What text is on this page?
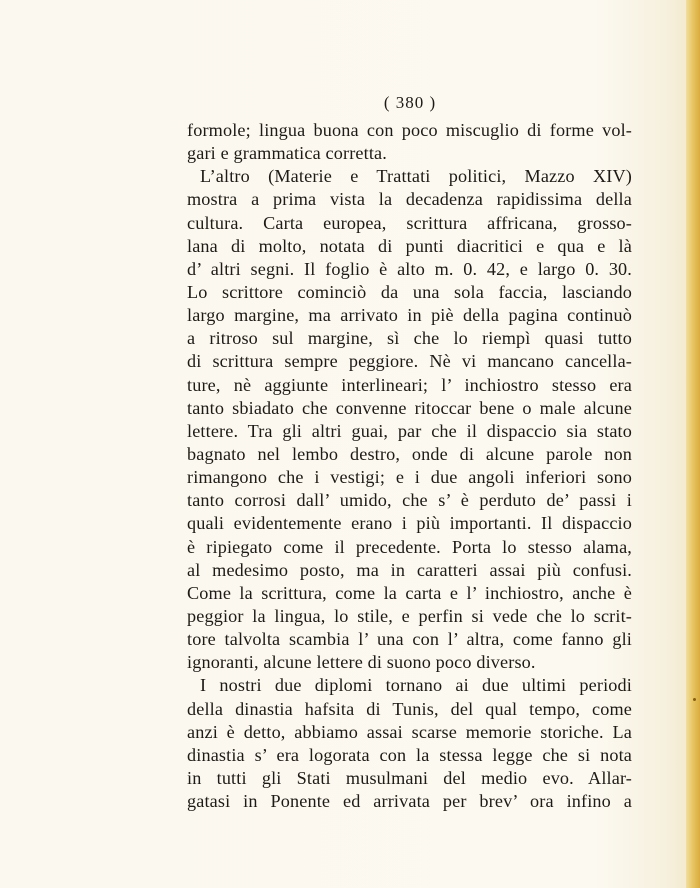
( 380 )
formole; lingua buona con poco miscuglio di forme vol-
gari e grammatica corretta.
L’altro (Materie e Trattati politici, Mazzo XIV)
mostra a prima vista la decadenza rapidissima della
cultura. Carta europea, scrittura affricana, grosso-
lana di molto, notata di punti diacritici e qua e là
d’ altri segni. Il foglio è alto m. 0. 42, e largo 0. 30.
Lo scrittore cominciò da una sola faccia, lasciando
largo margine, ma arrivato in piè della pagina continuò
a ritroso sul margine, sì che lo riempì quasi tutto
di scrittura sempre peggiore. Nè vi mancano cancella-
ture, nè aggiunte interlineari; l’ inchiostro stesso era
tanto sbiadato che convenne ritoccar bene o male alcune
lettere. Tra gli altri guai, par che il dispaccio sia stato
bagnato nel lembo destro, onde di alcune parole non
rimangono che i vestigi; e i due angoli inferiori sono
tanto corrosi dall’ umido, che s’ è perduto de’ passi i
quali evidentemente erano i più importanti. Il dispaccio
è ripiegato come il precedente. Porta lo stesso alama,
al medesimo posto, ma in caratteri assai più confusi.
Come la scrittura, come la carta e l’ inchiostro, anche è
peggior la lingua, lo stile, e perfin si vede che lo scrit-
tore talvolta scambia l’ una con l’ altra, come fanno gli
ignoranti, alcune lettere di suono poco diverso.
I nostri due diplomi tornano ai due ultimi periodi
della dinastia hafsita di Tunis, del qual tempo, come
anzi è detto, abbiamo assai scarse memorie storiche. La
dinastia s’ era logorata con la stessa legge che si nota
in tutti gli Stati musulmani del medio evo. Allar-
gatasi in Ponente ed arrivata per brev’ ora infino a
